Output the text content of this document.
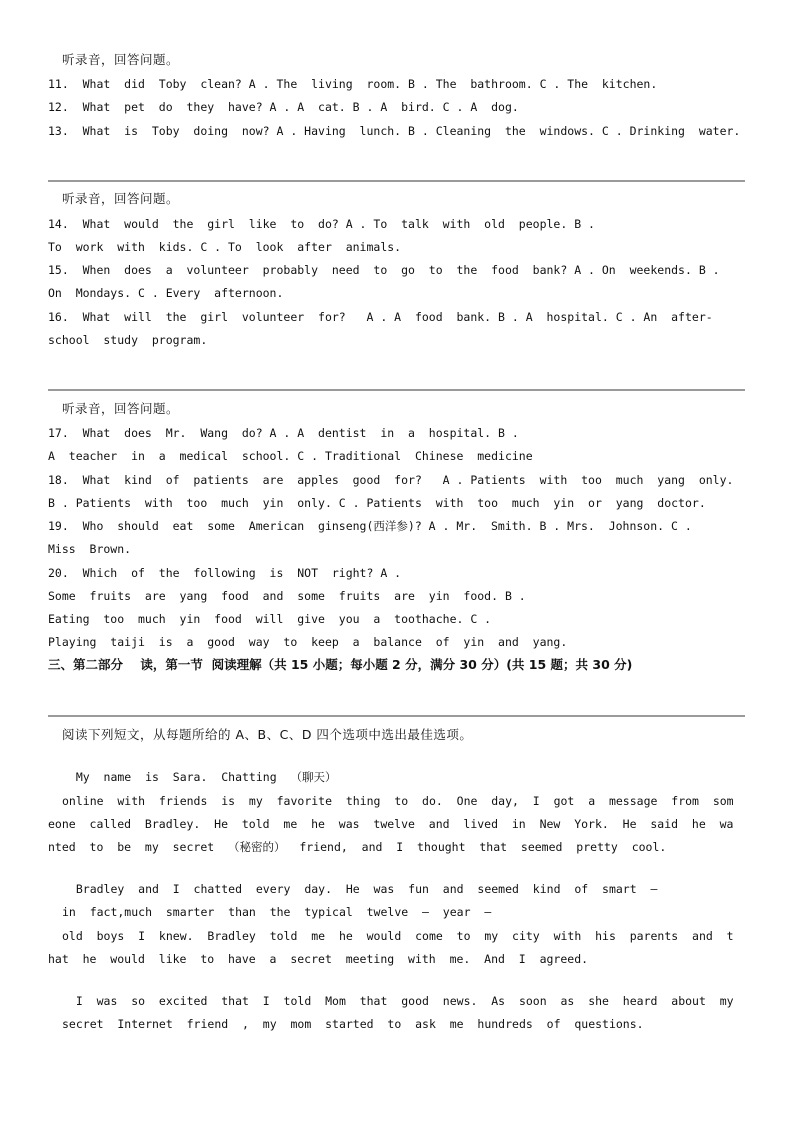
听录音，回答问题。
11.  What  did  Toby  clean? A . The  living  room. B . The  bathroom. C . The  kitchen.
12.  What  pet  do  they  have? A . A  cat. B . A  bird. C . A  dog.
13.  What  is  Toby  doing  now? A . Having  lunch. B . Cleaning  the  windows. C . Drinking  water.
听录音，回答问题。
14.  What  would  the  girl  like  to  do? A . To  talk  with  old  people. B .
To  work  with  kids. C . To  look  after  animals.
15.  When  does  a  volunteer  probably  need  to  go  to  the  food  bank? A . On  weekends. B .
On  Mondays. C . Every  afternoon.
16.  What  will  the  girl  volunteer  for?   A . A  food  bank. B . A  hospital. C . An  after-
school  study  program.
听录音，回答问题。
17.  What  does  Mr.  Wang  do? A . A  dentist  in  a  hospital. B .
A  teacher  in  a  medical  school. C . Traditional  Chinese  medicine
18.  What  kind  of  patients  are  apples  good  for?   A . Patients  with  too  much  yang  only.
B . Patients  with  too  much  yin  only. C . Patients  with  too  much  yin  or  yang  doctor.
19.  Who  should  eat  some  American  ginseng(西洋参)? A . Mr.  Smith. B . Mrs.  Johnson. C .
Miss  Brown.
20.  Which  of  the  following  is  NOT  right? A .
Some  fruits  are  yang  food  and  some  fruits  are  yin  food. B .
Eating  too  much  yin  food  will  give  you  a  toothache. C .
Playing  taiji  is  a  good  way  to  keep  a  balance  of  yin  and  yang.
三、第二部分    读，第一节  阅读理解（共 15 小题；每小题 2 分，满分 30 分）(共 15 题；共 30 分)
阅读下列短文，从每题所给的 A、B、C、D 四个选项中选出最佳选项。
My  name  is  Sara.  Chatting  （聊天）
online  with  friends  is  my  favorite  thing  to  do.  One  day,  I  got  a  message  from  som
eone  called  Bradley.  He  told  me  he  was  twelve  and  lived  in  New  York.  He  said  he  wa
nted  to  be  my  secret  （秘密的）  friend,  and  I  thought  that  seemed  pretty  cool.
Bradley  and  I  chatted  every  day.  He  was  fun  and  seemed  kind  of  smart  –
in  fact,much  smarter  than  the  typical  twelve  –  year  –
old  boys  I  knew.  Bradley  told  me  he  would  come  to  my  city  with  his  parents  and  t
hat  he  would  like  to  have  a  secret  meeting  with  me.  And  I  agreed.
I  was  so  excited  that  I  told  Mom  that  good  news.  As  soon  as  she  heard  about  my
secret  Internet  friend  ,  my  mom  started  to  ask  me  hundreds  of  questions.
